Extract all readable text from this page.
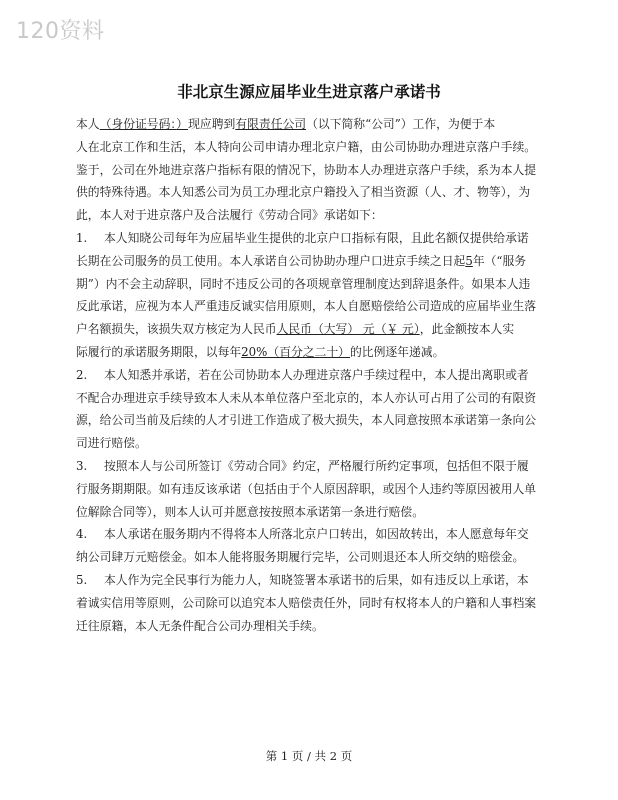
120资料
非北京生源应届毕业生进京落户承诺书
本人（身份证号码：）现应聘到有限责任公司（以下简称“公司”）工作，为便于本
人在北京工作和生活，本人特向公司申请办理北京户籍，由公司协助办理进京落户手续。
鉴于，公司在外地进京落户指标有限的情况下，协助本人办理进京落户手续，系为本人提
供的特殊待遇。本人知悉公司为员工办理北京户籍投入了相当资源（人、才、物等），为
此，本人对于进京落户及合法履行《劳动合同》承诺如下：
1. 本人知晓公司每年为应届毕业生提供的北京户口指标有限，且此名额仅提供给承诺
长期在公司服务的员工使用。本人承诺自公司协助办理户口进京手续之日起5年（“服务
期”）内不会主动辞职，同时不违反公司的各项规章管理制度达到辞退条件。如果本人违
反此承诺，应视为本人严重违反诚实信用原则，本人自愿赔偿给公司造成的应届毕业生落
户名额损失，该损失双方核定为人民币人民币（大写） 元（￥ 元），此金额按本人实
际履行的承诺服务期限，以每年20%（百分之二十）的比例逐年递减。
2. 本人知悉并承诺，若在公司协助本人办理进京落户手续过程中，本人提出离职或者
不配合办理进京手续导致本人未从本单位落户至北京的，本人亦认可占用了公司的有限资
源，给公司当前及后续的人才引进工作造成了极大损失，本人同意按照本承诺第一条向公
司进行赔偿。
3. 按照本人与公司所签订《劳动合同》约定，严格履行所约定事项，包括但不限于履
行服务期期限。如有违反该承诺（包括由于个人原因辞职，或因个人违约等原因被用人单
位解除合同等），则本人认可并愿意按按照本承诺第一条进行赔偿。
4. 本人承诺在服务期内不得将本人所落北京户口转出，如因故转出，本人愿意每年交
纳公司肆万元赔偿金。如本人能将服务期履行完毕，公司则退还本人所交纳的赔偿金。
5. 本人作为完全民事行为能力人，知晓签署本承诺书的后果，如有违反以上承诺，本
着诚实信用等原则，公司除可以追究本人赔偿责任外，同时有权将本人的户籍和人事档案
迁往原籍，本人无条件配合公司办理相关手续。
第 1 页 / 共 2 页
